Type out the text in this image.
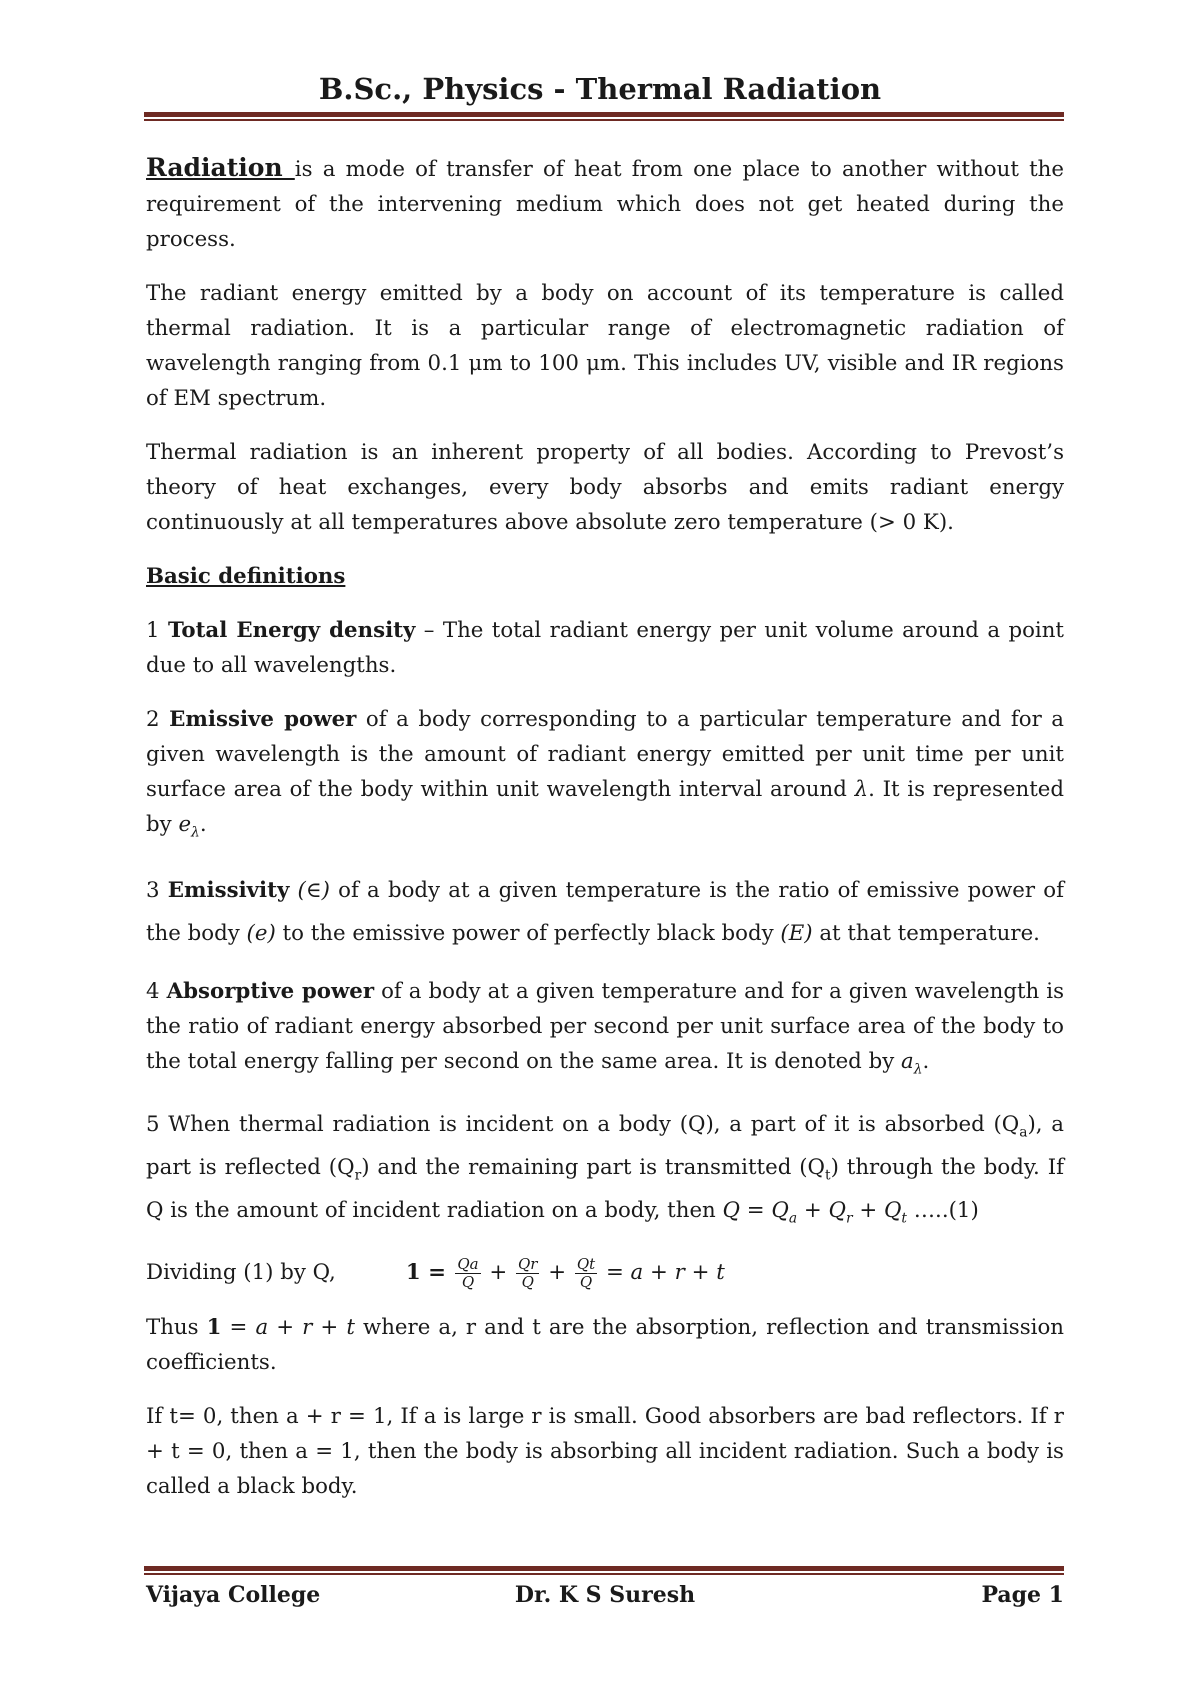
B.Sc., Physics - Thermal Radiation

Radiation is a mode of transfer of heat from one place to another without the requirement of the intervening medium which does not get heated during the process.

The radiant energy emitted by a body on account of its temperature is called thermal radiation. It is a particular range of electromagnetic radiation of wavelength ranging from 0.1 μm to 100 μm. This includes UV, visible and IR regions of EM spectrum.

Thermal radiation is an inherent property of all bodies. According to Prevost’s theory of heat exchanges, every body absorbs and emits radiant energy continuously at all temperatures above absolute zero temperature (> 0 K).

Basic definitions

1 Total Energy density – The total radiant energy per unit volume around a point due to all wavelengths.

2 Emissive power of a body corresponding to a particular temperature and for a given wavelength is the amount of radiant energy emitted per unit time per unit surface area of the body within unit wavelength interval around λ. It is represented by $e_\lambda$.

3 Emissivity (∈) of a body at a given temperature is the ratio of emissive power of the body (e) to the emissive power of perfectly black body (E) at that temperature.

4 Absorptive power of a body at a given temperature and for a given wavelength is the ratio of radiant energy absorbed per second per unit surface area of the body to the total energy falling per second on the same area. It is denoted by $a_\lambda$.

5 When thermal radiation is incident on a body (Q), a part of it is absorbed $(Q_a)$, a part is reflected $(Q_r)$ and the remaining part is transmitted $(Q_t)$ through the body. If Q is the amount of incident radiation on a body, then $Q = Q_a + Q_r + Q_t$ …..(1)

Dividing (1) by Q,	$1 = \frac{Qa}{Q} + \frac{Qr}{Q} + \frac{Qt}{Q} = a + r + t$

Thus 1 = a + r + t where a, r and t are the absorption, reflection and transmission coefficients.

If t= 0, then a + r = 1, If a is large r is small. Good absorbers are bad reflectors. If r + t = 0, then a = 1, then the body is absorbing all incident radiation. Such a body is called a black body.

Vijaya College	Dr. K S Suresh	Page 1
